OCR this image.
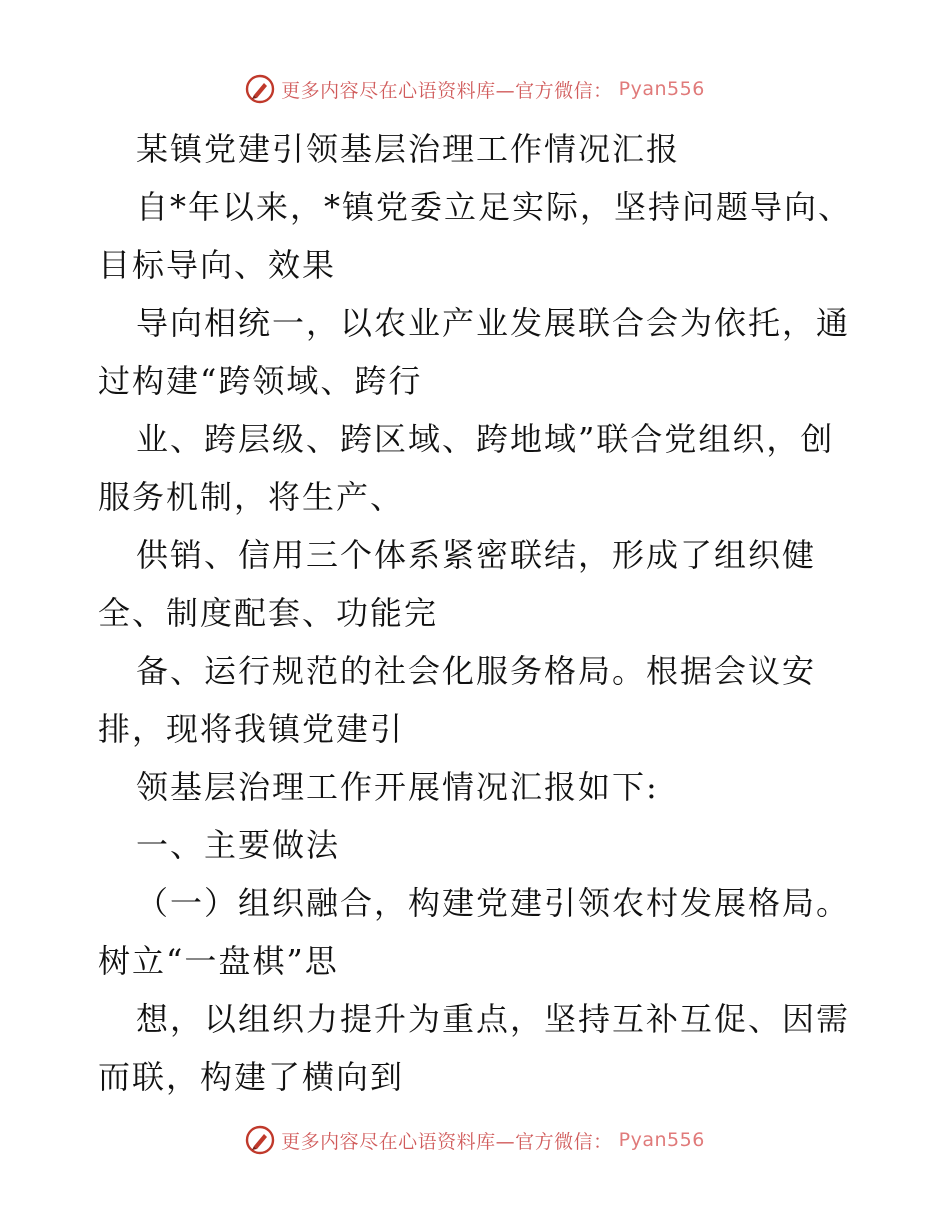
更多内容尽在心语资料库—官方微信： Pyan556
某镇党建引领基层治理工作情况汇报
自*年以来，*镇党委立足实际，坚持问题导向、
目标导向、效果
导向相统一，以农业产业发展联合会为依托，通
过构建“跨领域、跨行
业、跨层级、跨区域、跨地域”联合党组织，创
服务机制，将生产、
供销、信用三个体系紧密联结，形成了组织健
全、制度配套、功能完
备、运行规范的社会化服务格局。根据会议安
排，现将我镇党建引
领基层治理工作开展情况汇报如下:
一、主要做法
（一）组织融合，构建党建引领农村发展格局。
树立“一盘棋”思
想，以组织力提升为重点，坚持互补互促、因需
而联，构建了横向到
更多内容尽在心语资料库—官方微信： Pyan556
